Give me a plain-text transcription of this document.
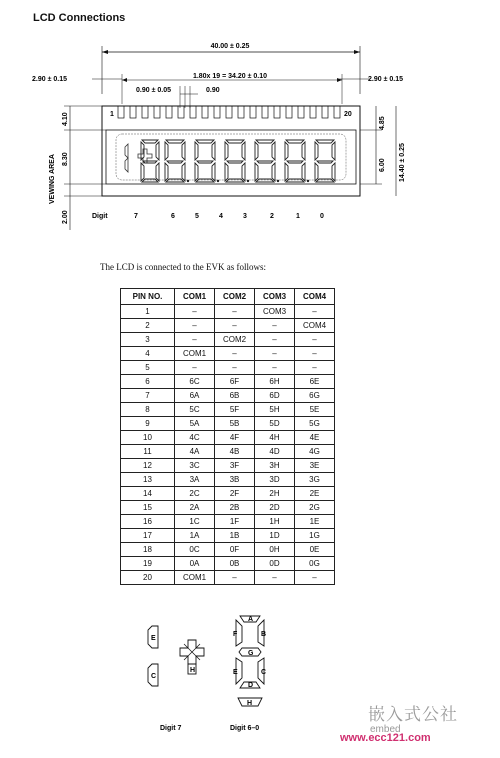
LCD Connections
40.00 ± 0.25
2.90 ± 0.15	2.90 ± 0.15
1.80x 19 = 34.20 ± 0.10
0.90 ± 0.05	0.90
1	20
4.10
8.30
2.00
VEWING AREA
4.85
6.00 14.40 ± 0.25
Digit	7	6	5	4	3	2	1	0
The LCD is connected to the EVK as follows:
PIN NO.	COM1	COM2	COM3	COM4
1	–	–	COM3	–
2	–	–	–	COM4
3	–	COM2	–	–
4	COM1	–	–	–
5	–	–	–	–
6	6C	6F	6H	6E
7	6A	6B	6D	6G
8	5C	5F	5H	5E
9	5A	5B	5D	5G
10	4C	4F	4H	4E
11	4A	4B	4D	4G
12	3C	3F	3H	3E
13	3A	3B	3D	3G
14	2C	2F	2H	2E
15	2A	2B	2D	2G
16	1C	1F	1H	1E
17	1A	1B	1D	1G
18	0C	0F	0H	0E
19	0A	0B	0D	0G
20	COM1	–	–	–
E
C
H
A
F	B
G
E	C
D
H
Digit 7	Digit 6–0
嵌入式公社
embed
www.ecc121.com
